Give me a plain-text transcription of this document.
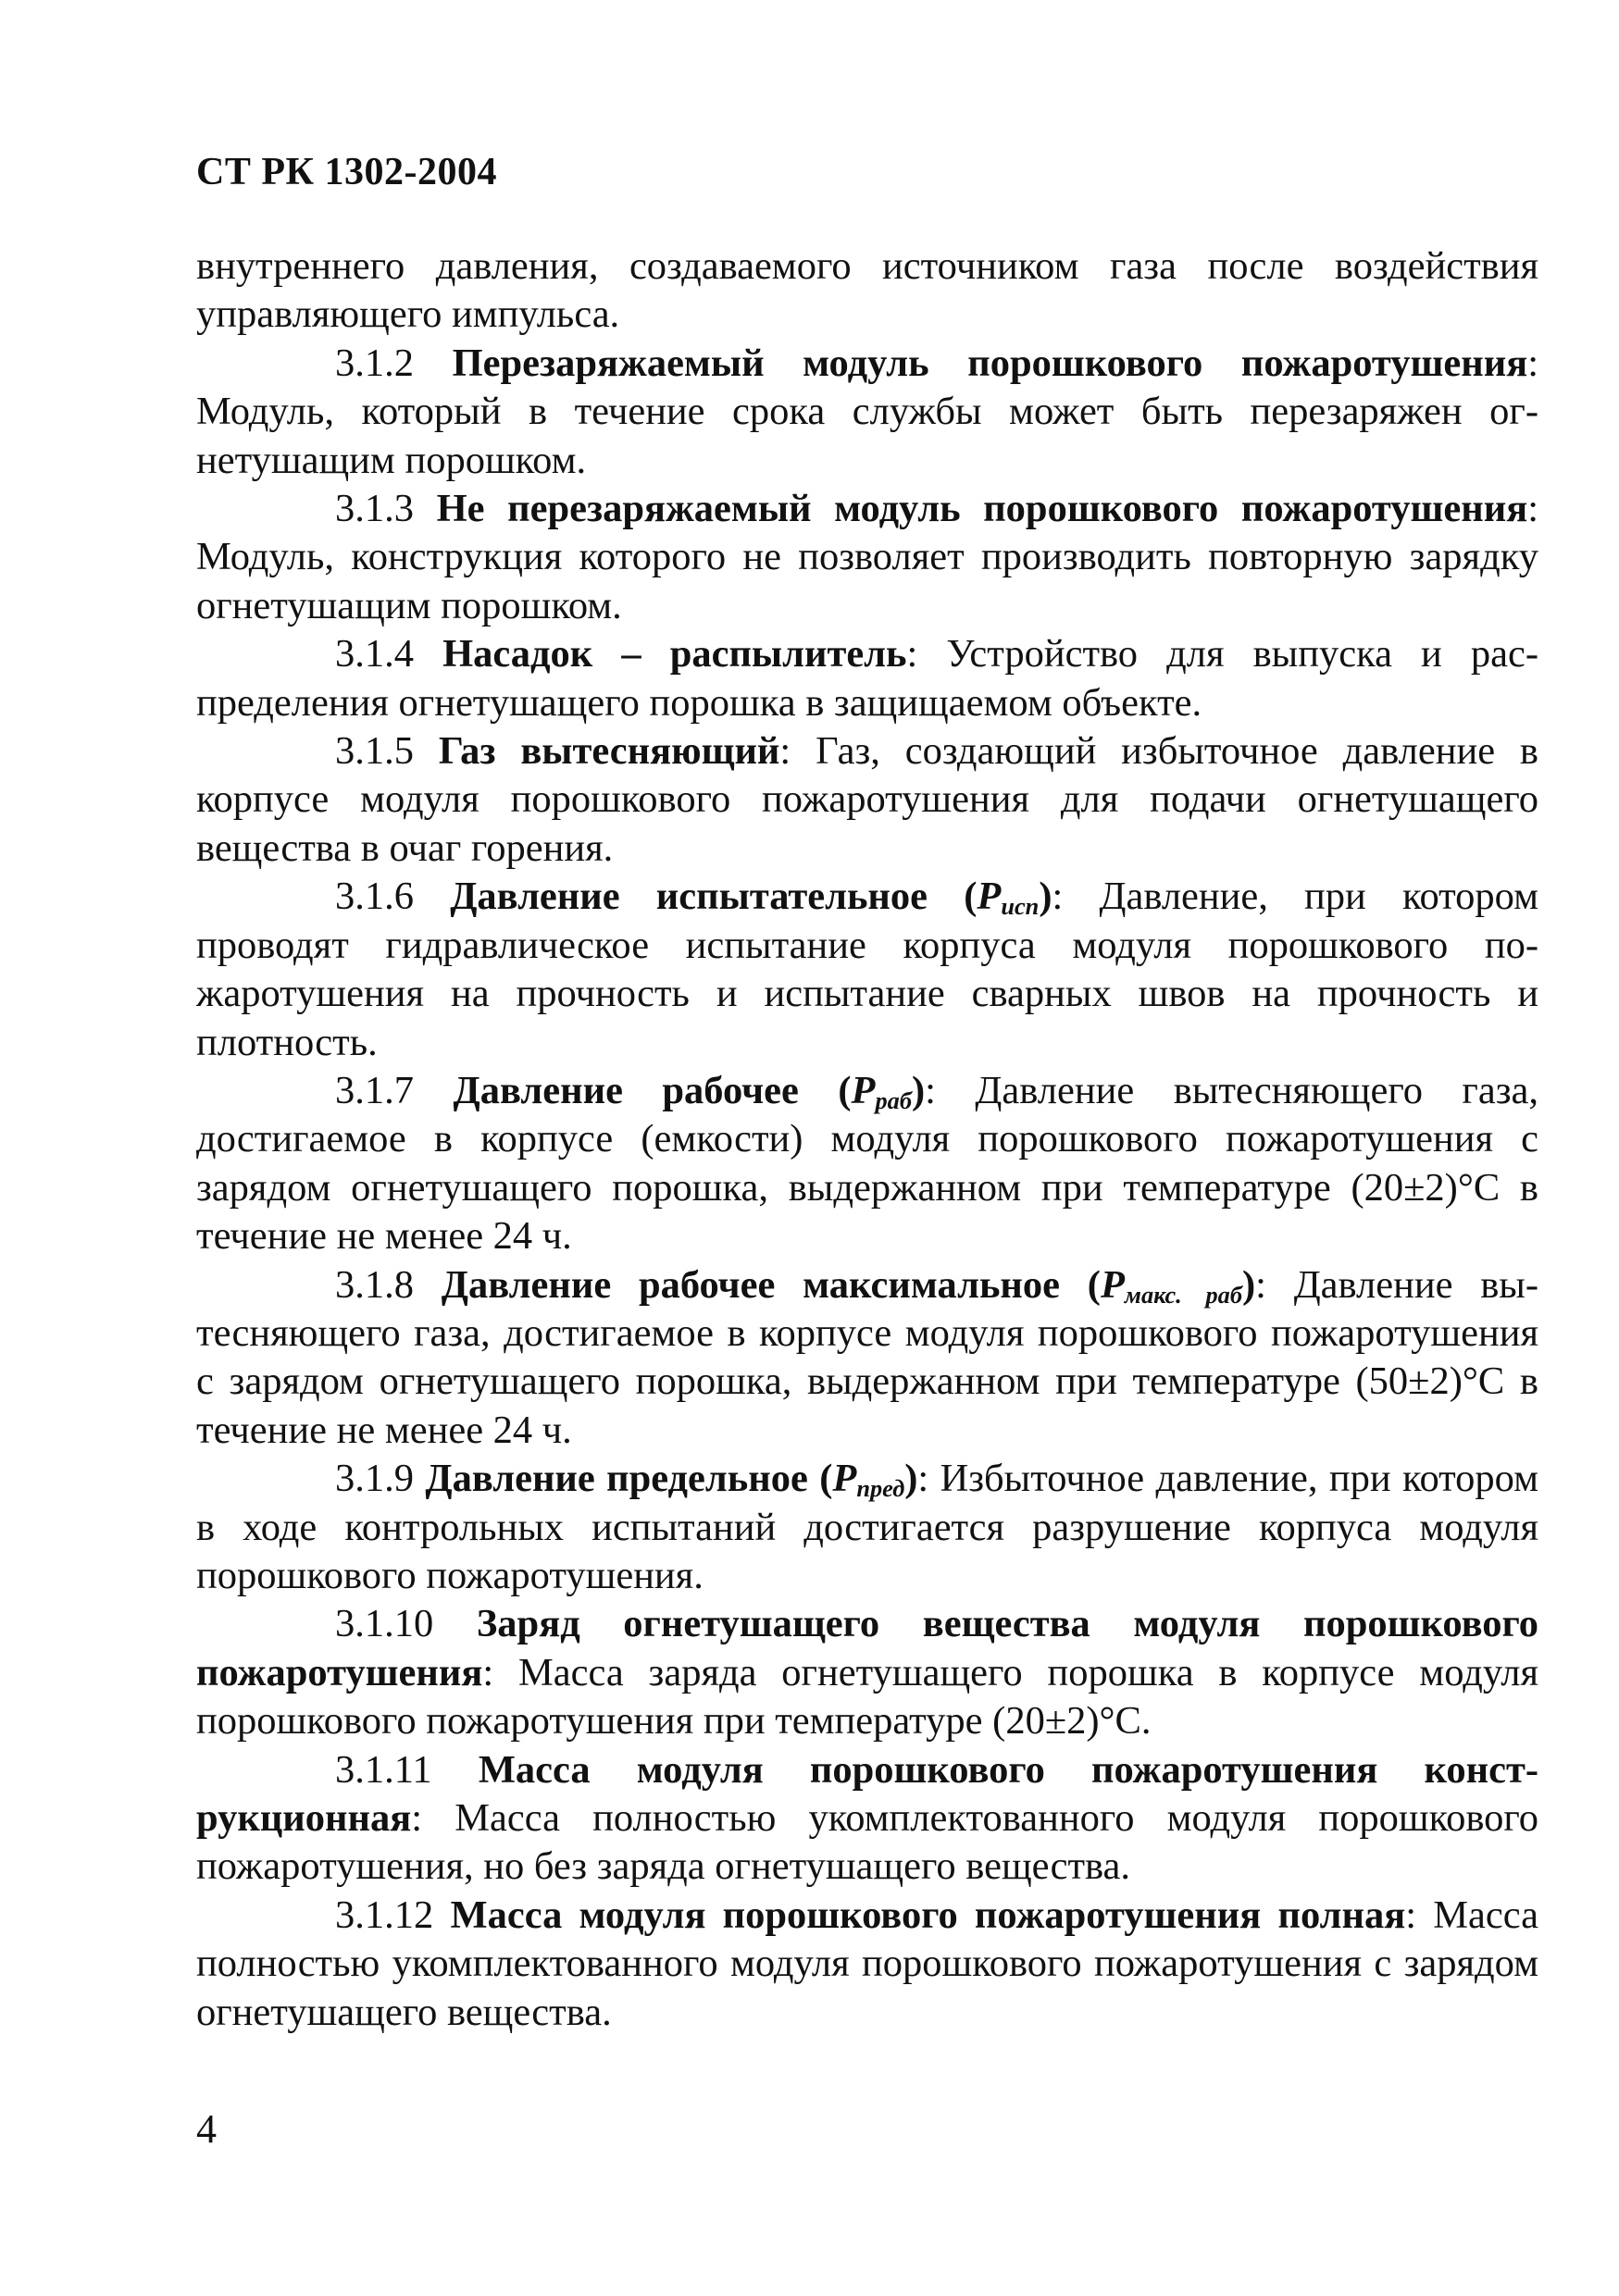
СТ РК 1302-2004

внутреннего давления, создаваемого источником газа после воздействия управляющего импульса.

3.1.2 Перезаряжаемый модуль порошкового пожаротушения: Модуль, который в течение срока службы может быть перезаряжен огнетушащим порошком.

3.1.3 Не перезаряжаемый модуль порошкового пожаротушения: Модуль, конструкция которого не позволяет производить повторную зарядку огнетушащим порошком.

3.1.4 Насадок – распылитель: Устройство для выпуска и распределения огнетушащего порошка в защищаемом объекте.

3.1.5 Газ вытесняющий: Газ, создающий избыточное давление в корпусе модуля порошкового пожаротушения для подачи огнетушащего вещества в очаг горения.

3.1.6 Давление испытательное $(Р_{исп})$: Давление, при котором проводят гидравлическое испытание корпуса модуля порошкового пожаротушения на прочность и испытание сварных швов на прочность и плотность.

3.1.7 Давление рабочее $(Р_{раб})$: Давление вытесняющего газа, достигаемое в корпусе (емкости) модуля порошкового пожаротушения с зарядом огнетушащего порошка, выдержанном при температуре (20±2)°С в течение не менее 24 ч.

3.1.8 Давление рабочее максимальное $(Р_{макс. раб})$: Давление вытесняющего газа, достигаемое в корпусе модуля порошкового пожаротушения с зарядом огнетушащего порошка, выдержанном при температуре (50±2)°С в течение не менее 24 ч.

3.1.9 Давление предельное $(Р_{пред})$: Избыточное давление, при котором в ходе контрольных испытаний достигается разрушение корпуса модуля порошкового пожаротушения.

3.1.10 Заряд огнетушащего вещества модуля порошкового пожаротушения: Масса заряда огнетушащего порошка в корпусе модуля порошкового пожаротушения при температуре (20±2)°С.

3.1.11 Масса модуля порошкового пожаротушения конструкционная: Масса полностью укомплектованного модуля порошкового пожаротушения, но без заряда огнетушащего вещества.

3.1.12 Масса модуля порошкового пожаротушения полная: Масса полностью укомплектованного модуля порошкового пожаротушения с зарядом огнетушащего вещества.

4
